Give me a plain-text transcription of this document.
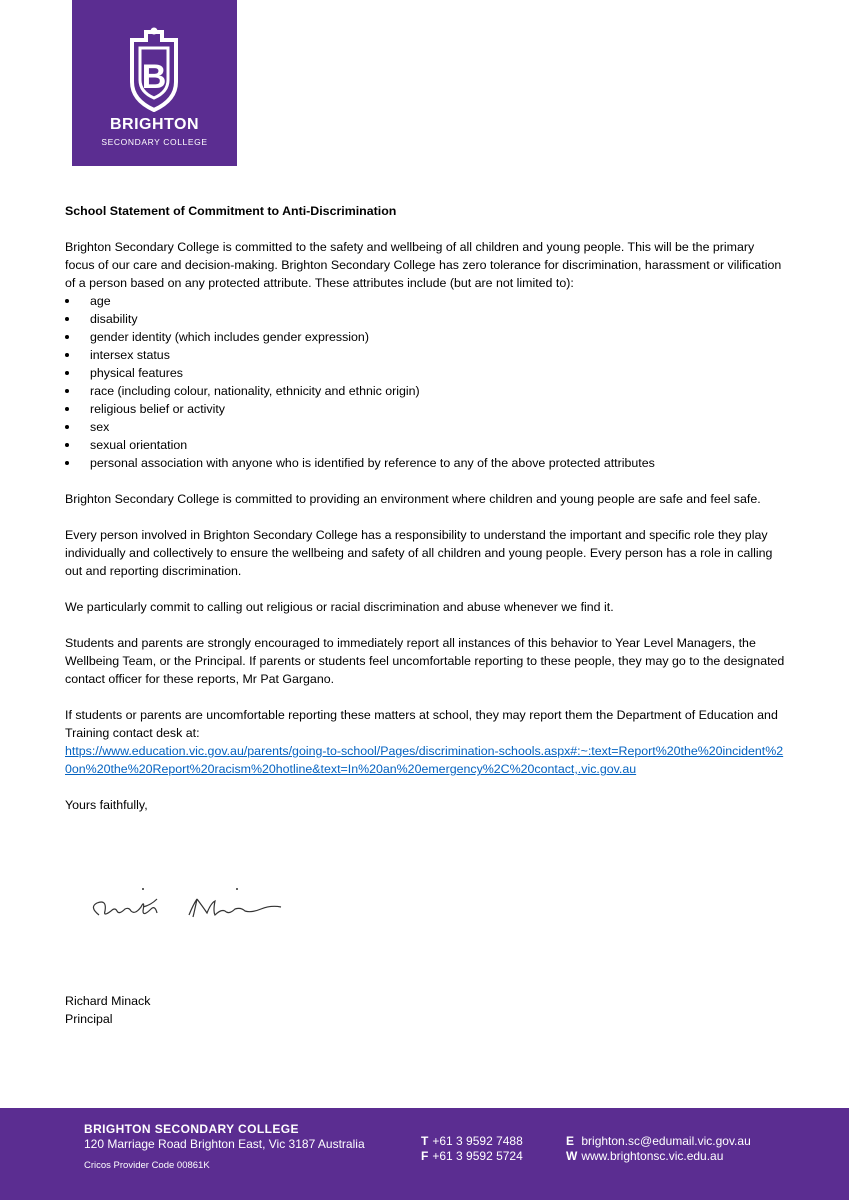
B
BRIGHTON
SECONDARY COLLEGE
School Statement of Commitment to Anti-Discrimination
Brighton Secondary College is committed to the safety and wellbeing of all children and young people. This will be the primary focus of our care and decision-making. Brighton Secondary College has zero tolerance for discrimination, harassment or vilification of a person based on any protected attribute. These attributes include (but are not limited to):
age
disability
gender identity (which includes gender expression)
intersex status
physical features
race (including colour, nationality, ethnicity and ethnic origin)
religious belief or activity
sex
sexual orientation
personal association with anyone who is identified by reference to any of the above protected attributes

Brighton Secondary College is committed to providing an environment where children and young people are safe and feel safe.

Every person involved in Brighton Secondary College has a responsibility to understand the important and specific role they play individually and collectively to ensure the wellbeing and safety of all children and young people. Every person has a role in calling out and reporting discrimination.

We particularly commit to calling out religious or racial discrimination and abuse whenever we find it.

Students and parents are strongly encouraged to immediately report all instances of this behavior to Year Level Managers, the Wellbeing Team, or the Principal. If parents or students feel uncomfortable reporting to these people, they may go to the designated contact officer for these reports, Mr Pat Gargano.

If students or parents are uncomfortable reporting these matters at school, they may report them the Department of Education and Training contact desk at:
https://www.education.vic.gov.au/parents/going-to-school/Pages/discrimination-schools.aspx#:~:text=Report%20the%20incident%20on%20the%20Report%20racism%20hotline&text=In%20an%20emergency%2C%20contact,.vic.gov.au

Yours faithfully,

Richard Minack
Principal
BRIGHTON SECONDARY COLLEGE
120 Marriage Road Brighton East, Vic 3187 Australia
Cricos Provider Code 00861K
T +61 3 9592 7488
F +61 3 9592 5724
E brighton.sc@edumail.vic.gov.au
W www.brightonsc.vic.edu.au
